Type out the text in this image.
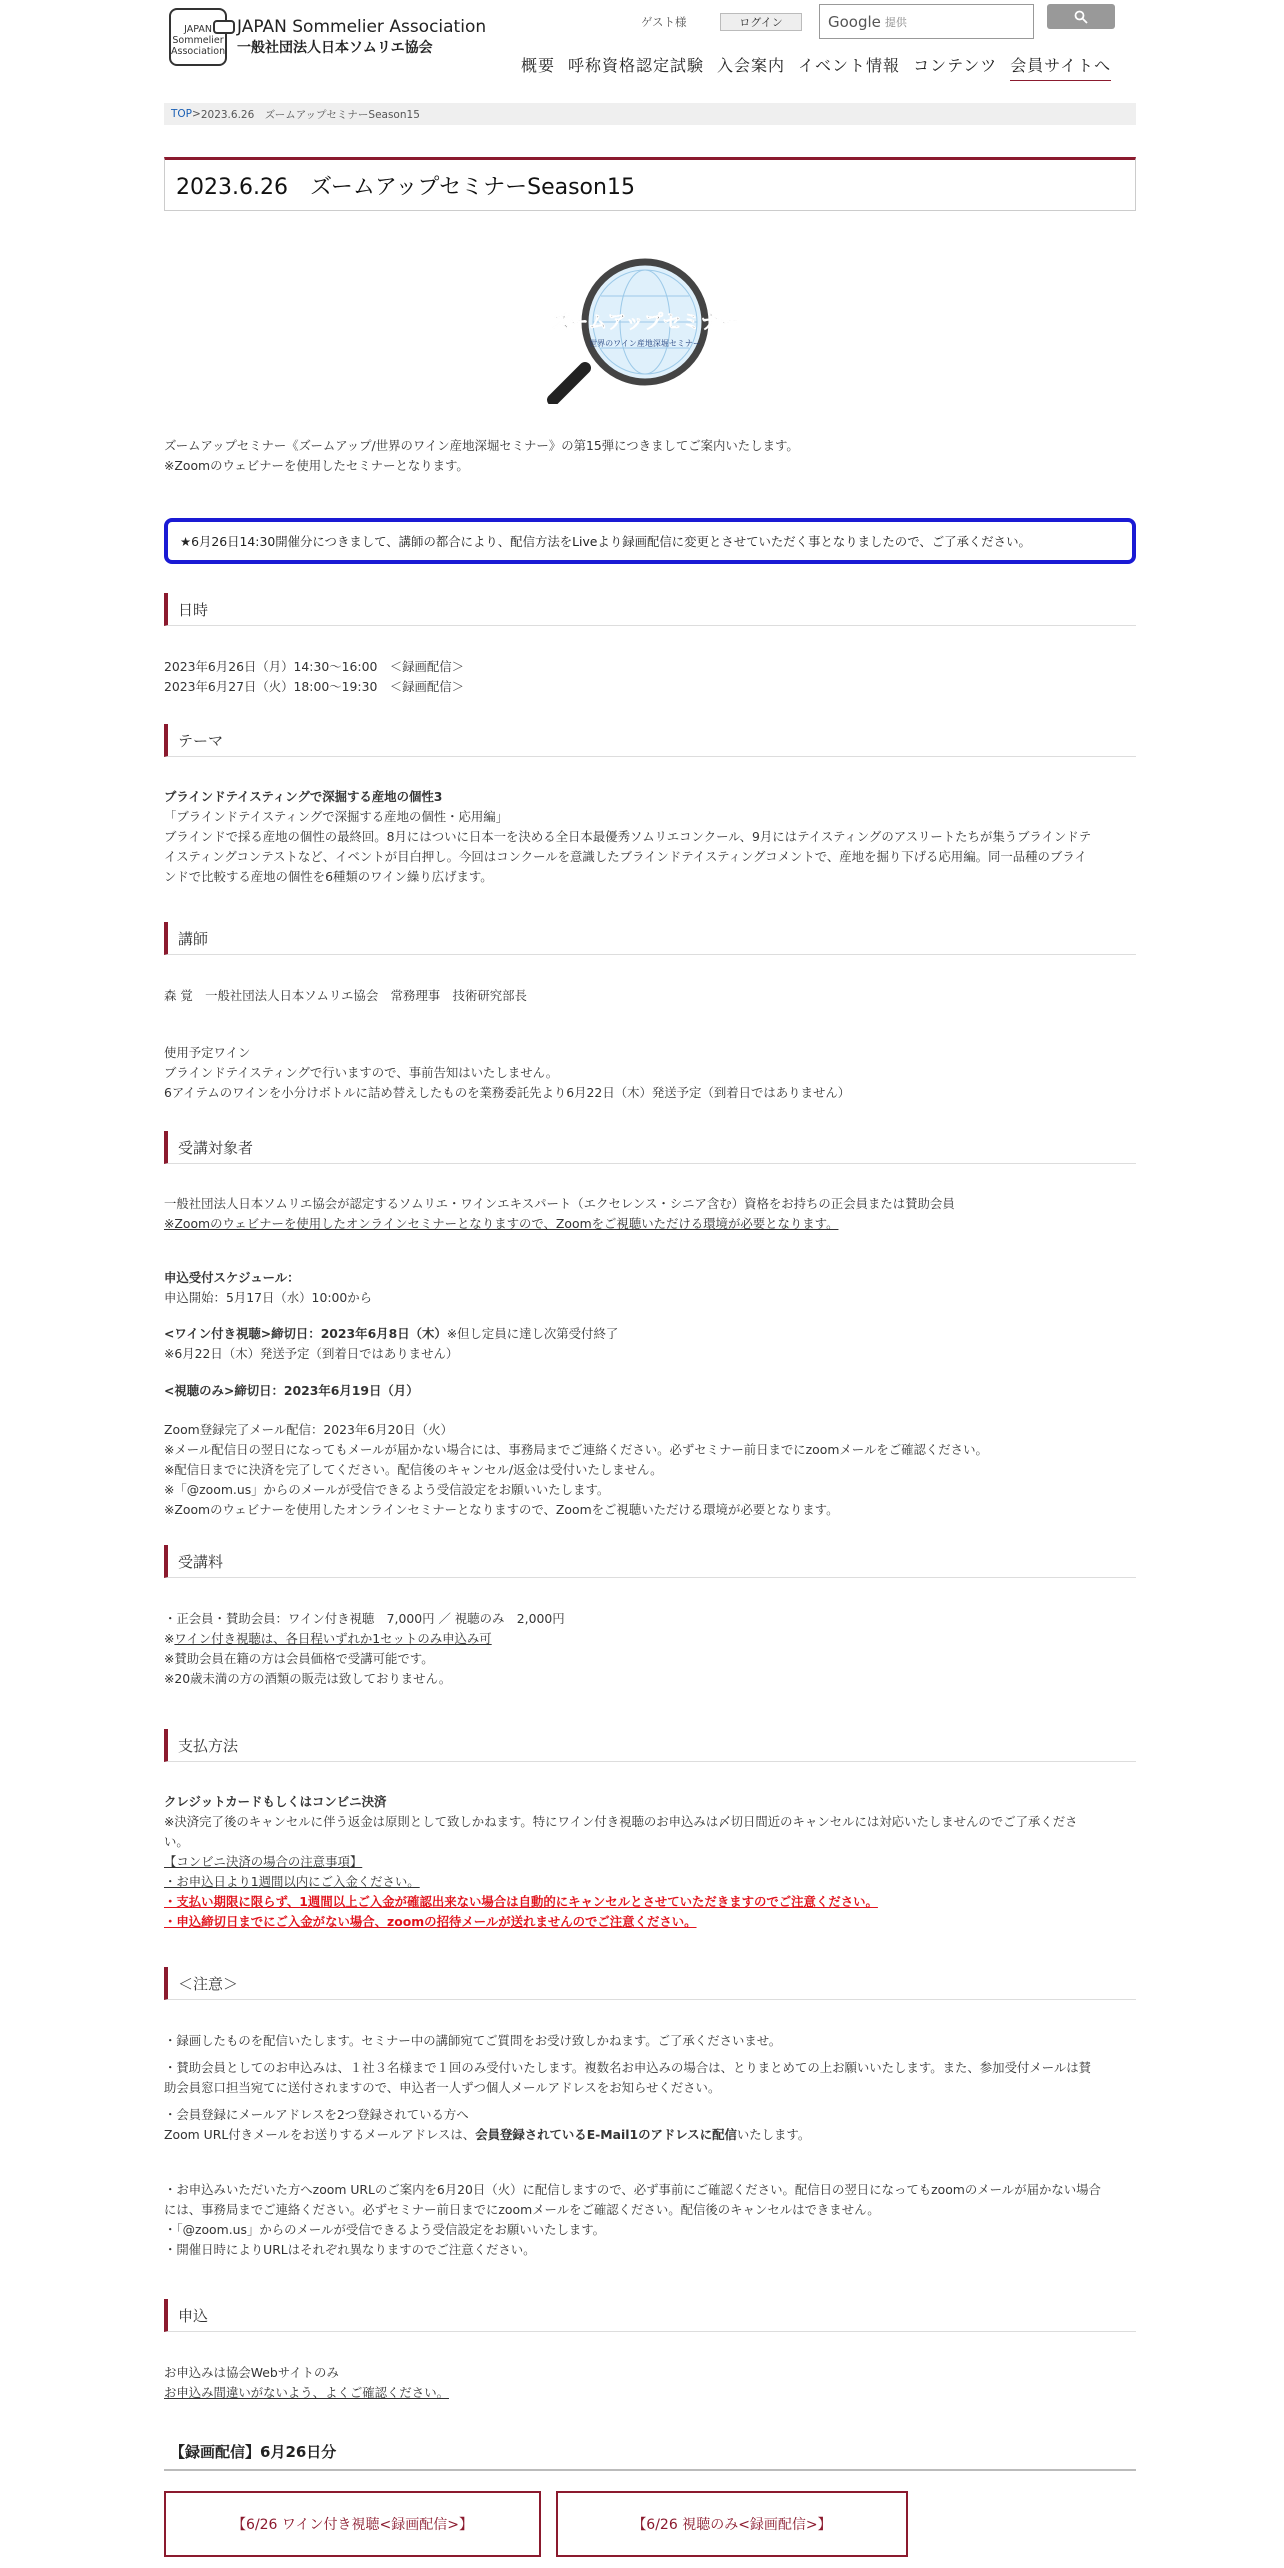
JAPAN
Sommelier
Association
JAPAN Sommelier Association
一般社団法人日本ソムリエ協会
ゲスト様	ログイン	Google 提供
概要 呼称資格認定試験 入会案内 イベント情報 コンテンツ 会員サイトへ
TOP > 2023.6.26　ズームアップセミナーSeason15
2023.6.26　ズームアップセミナーSeason15
ズームアップセミナー
世界のワイン産地深堀セミナー
ズームアップセミナー《ズームアップ/世界のワイン産地深堀セミナー》の第15弾につきましてご案内いたします。
※Zoomのウェビナーを使用したセミナーとなります。
★6月26日14:30開催分につきまして、講師の都合により、配信方法をLiveより録画配信に変更とさせていただく事となりましたので、ご了承ください。
日時
2023年6月26日（月）14:30〜16:00　＜録画配信＞
2023年6月27日（火）18:00〜19:30　＜録画配信＞
テーマ
ブラインドテイスティングで深掘する産地の個性3
「ブラインドテイスティングで深掘する産地の個性・応用編」
ブラインドで採る産地の個性の最終回。8月にはついに日本一を決める全日本最優秀ソムリエコンクール、9月にはテイスティングのアスリートたちが集うブラインドテ
イスティングコンテストなど、イベントが目白押し。今回はコンクールを意識したブラインドテイスティングコメントで、産地を掘り下げる応用編。同一品種のブライ
ンドで比較する産地の個性を6種類のワイン繰り広げます。
講師
森 覚　一般社団法人日本ソムリエ協会　常務理事　技術研究部長
使用予定ワイン
ブラインドテイスティングで行いますので、事前告知はいたしません。
6アイテムのワインを小分けボトルに詰め替えしたものを業務委託先より6月22日（木）発送予定（到着日ではありません）
受講対象者
一般社団法人日本ソムリエ協会が認定するソムリエ・ワインエキスパート（エクセレンス・シニア含む）資格をお持ちの正会員または賛助会員
※Zoomのウェビナーを使用したオンラインセミナーとなりますので、Zoomをご視聴いただける環境が必要となります。
申込受付スケジュール：
申込開始：5月17日（水）10:00から
<ワイン付き視聴>締切日：2023年6月8日（木）※但し定員に達し次第受付終了
※6月22日（木）発送予定（到着日ではありません）
<視聴のみ>締切日：2023年6月19日（月）
Zoom登録完了メール配信：2023年6月20日（火）
※メール配信日の翌日になってもメールが届かない場合には、事務局までご連絡ください。必ずセミナー前日までにzoomメールをご確認ください。
※配信日までに決済を完了してください。配信後のキャンセル/返金は受付いたしません。
※「@zoom.us」からのメールが受信できるよう受信設定をお願いいたします。
※Zoomのウェビナーを使用したオンラインセミナーとなりますので、Zoomをご視聴いただける環境が必要となります。
受講料
・正会員・賛助会員：ワイン付き視聴　7,000円 ／ 視聴のみ　2,000円
※ワイン付き視聴は、各日程いずれか1セットのみ申込み可
※賛助会員在籍の方は会員価格で受講可能です。
※20歳未満の方の酒類の販売は致しておりません。
支払方法
クレジットカードもしくはコンビニ決済
※決済完了後のキャンセルに伴う返金は原則として致しかねます。特にワイン付き視聴のお申込みは〆切日間近のキャンセルには対応いたしませんのでご了承くださ
い。
【コンビニ決済の場合の注意事項】
・お申込日より1週間以内にご入金ください。
・支払い期限に限らず、1週間以上ご入金が確認出来ない場合は自動的にキャンセルとさせていただきますのでご注意ください。
・申込締切日までにご入金がない場合、zoomの招待メールが送れませんのでご注意ください。
＜注意＞
・録画したものを配信いたします。セミナー中の講師宛てご質問をお受け致しかねます。ご了承くださいませ。
・賛助会員としてのお申込みは、１社３名様まで１回のみ受付いたします。複数名お申込みの場合は、とりまとめての上お願いいたします。また、参加受付メールは賛
助会員窓口担当宛てに送付されますので、申込者一人ずつ個人メールアドレスをお知らせください。
・会員登録にメールアドレスを2つ登録されている方へ
Zoom URL付きメールをお送りするメールアドレスは、会員登録されているE-Mail1のアドレスに配信いたします。
・お申込みいただいた方へzoom URLのご案内を6月20日（火）に配信しますので、必ず事前にご確認ください。配信日の翌日になってもzoomのメールが届かない場合
には、事務局までご連絡ください。必ずセミナー前日までにzoomメールをご確認ください。配信後のキャンセルはできません。
・「@zoom.us」からのメールが受信できるよう受信設定をお願いいたします。
・開催日時によりURLはそれぞれ異なりますのでご注意ください。
申込
お申込みは協会Webサイトのみ
お申込み間違いがないよう、よくご確認ください。
【録画配信】6月26日分
【6/26 ワイン付き視聴<録画配信>】	【6/26 視聴のみ<録画配信>】
